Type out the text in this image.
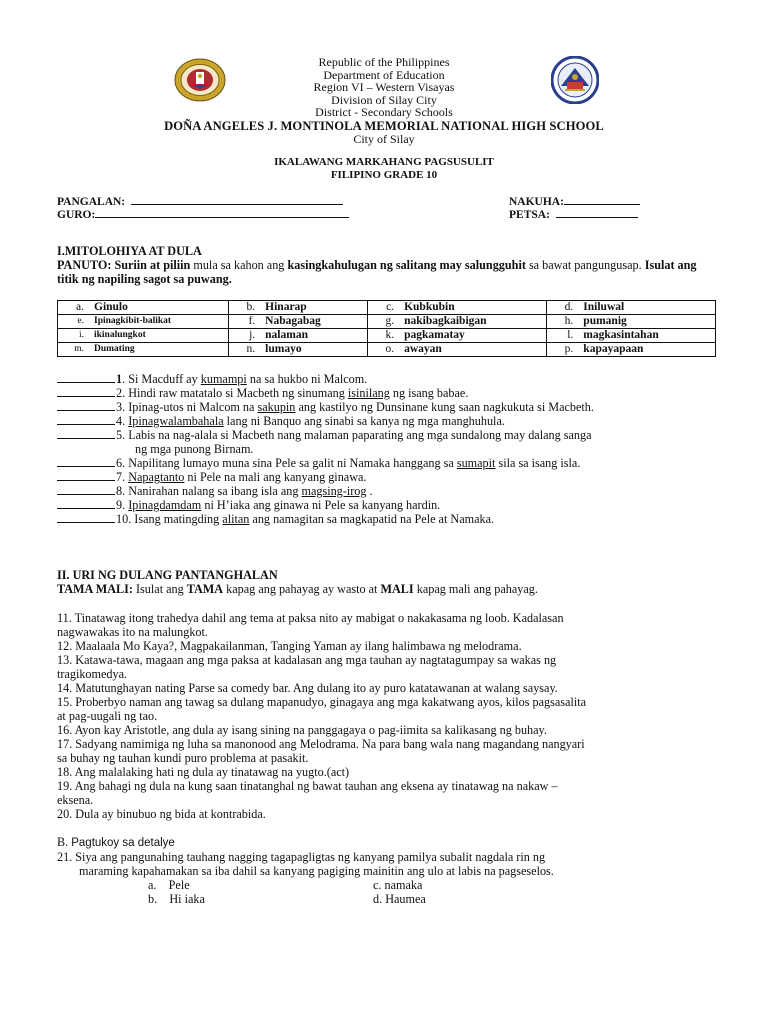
Republic of the Philippines
Department of Education
Region VI – Western Visayas
Division of Silay City
District - Secondary Schools
DOÑA ANGELES J. MONTINOLA MEMORIAL NATIONAL HIGH SCHOOL
City of Silay
IKALAWANG MARKAHANG PAGSUSULIT
FILIPINO GRADE 10
PANGALAN:	NAKUHA:
GURO:	PETSA:
I.MITOLOHIYA AT DULA
PANUTO: Suriin at piliin mula sa kahon ang kasingkahulugan ng salitang may salungguhit sa bawat pangungusap. Isulat ang titik ng napiling sagot sa puwang.
a. Ginulo	b. Hinarap	c. Kubkubin	d. Iniluwal
e. Ipinagkibit-balikat	f. Nabagabag	g. nakibagkaibigan	h. pumanig
i. ikinalungkot	j. nalaman	k. pagkamatay	l. magkasintahan
m. Dumating	n. lumayo	o. awayan	p. kapayapaan
1. Si Macduff ay kumampi na sa hukbo ni Malcom.
2. Hindi raw matatalo si Macbeth ng sinumang isinilang ng isang babae.
3. Ipinag-utos ni Malcom na sakupin ang kastilyo ng Dunsinane kung saan nagkukuta si Macbeth.
4. Ipinagwalambahala lang ni Banquo ang sinabi sa kanya ng mga manghuhula.
5. Labis na nag-alala si Macbeth nang malaman paparating ang mga sundalong may dalang sanga
ng mga punong Birnam.
6. Napilitang lumayo muna sina Pele sa galit ni Namaka hanggang sa sumapit sila sa isang isla.
7. Napagtanto ni Pele na mali ang kanyang ginawa.
8. Nanirahan nalang sa ibang isla ang magsing-irog .
9. Ipinagdamdam ni H’iaka ang ginawa ni Pele sa kanyang hardin.
10. Isang matingding alitan ang namagitan sa magkapatid na Pele at Namaka.
II. URI NG DULANG PANTANGHALAN
TAMA MALI: Isulat ang TAMA kapag ang pahayag ay wasto at MALI kapag mali ang pahayag.
11. Tinatawag itong trahedya dahil ang tema at paksa nito ay mabigat o nakakasama ng loob. Kadalasan
nagwawakas ito na malungkot.
12. Maalaala Mo Kaya?, Magpakailanman, Tanging Yaman ay ilang halimbawa ng melodrama.
13. Katawa-tawa, magaan ang mga paksa at kadalasan ang mga tauhan ay nagtatagumpay sa wakas ng
tragikomedya.
14. Matutunghayan nating Parse sa comedy bar. Ang dulang ito ay puro katatawanan at walang saysay.
15. Proberbyo naman ang tawag sa dulang mapanudyo, ginagaya ang mga kakatwang ayos, kilos pagsasalita
at pag-uugali ng tao.
16. Ayon kay Aristotle, ang dula ay isang sining na panggagaya o pag-iimita sa kalikasang ng buhay.
17. Sadyang namimiga ng luha sa manonood ang Melodrama. Na para bang wala nang magandang nangyari
sa buhay ng tauhan kundi puro problema at pasakit.
18. Ang malalaking hati ng dula ay tinatawag na yugto.(act)
19. Ang bahagi ng dula na kung saan tinatanghal ng bawat tauhan ang eksena ay tinatawag na nakaw –
eksena.
20. Dula ay binubuo ng bida at kontrabida.
B. Pagtukoy sa detalye
21. Siya ang pangunahing tauhang nagging tagapagligtas ng kanyang pamilya subalit nagdala rin ng
maraming kapahamakan sa iba dahil sa kanyang pagiging mainitin ang ulo at labis na pagseselos.
a. Pele	c. namaka
b. Hi iaka	d. Haumea
